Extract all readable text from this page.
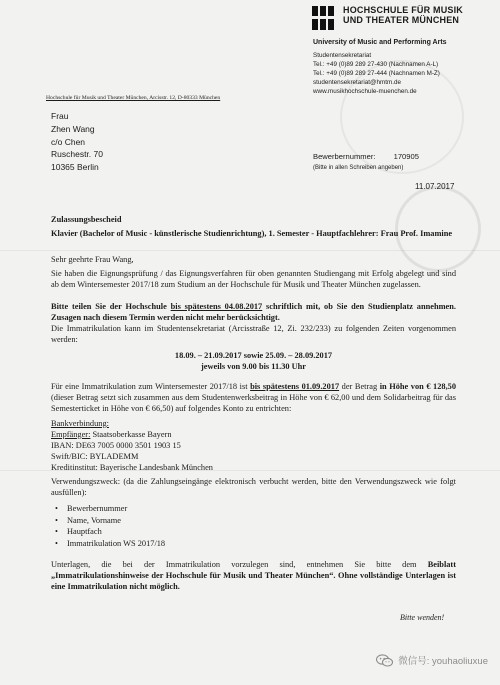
HOCHSCHULE FÜR MUSIK UND THEATER MÜNCHEN

University of Music and Performing Arts

Studentensekretariat
Tel.: +49 (0)89 289 27-430 (Nachnamen A-L)
Tel.: +49 (0)89 289 27-444 (Nachnamen M-Z)
studentensekretariat@hmtm.de
www.musikhochschule-muenchen.de

Hochschule für Musik und Theater München, Arcisstr. 12, D-80333 München

Frau
Zhen Wang
c/o Chen
Ruschestr. 70
10365 Berlin

Bewerbernummer: 170905

(Bitte in allen Schreiben angeben)

11.07.2017

Zulassungsbescheid

Klavier (Bachelor of Music - künstlerische Studienrichtung), 1. Semester - Hauptfachlehrer: Frau Prof. Imamine

Sehr geehrte Frau Wang,

Sie haben die Eignungsprüfung / das Eignungsverfahren für oben genannten Studiengang mit Erfolg abgelegt und sind ab dem Wintersemester 2017/18 zum Studium an der Hochschule für Musik und Theater München zugelassen.

Bitte teilen Sie der Hochschule bis spätestens 04.08.2017 schriftlich mit, ob Sie den Studienplatz annehmen. Zusagen nach diesem Termin werden nicht mehr berücksichtigt.

Die Immatrikulation kann im Studentensekretariat (Arcisstraße 12, Zi. 232/233) zu folgenden Zeiten vorgenommen werden:

18.09. – 21.09.2017 sowie 25.09. – 28.09.2017

jeweils von 9.00 bis 11.30 Uhr

Für eine Immatrikulation zum Wintersemester 2017/18 ist bis spätestens 01.09.2017 der Betrag in Höhe von € 128,50 (dieser Betrag setzt sich zusammen aus dem Studentenwerksbeitrag in Höhe von € 62,00 und dem Solidarbeitrag für das Semesterticket in Höhe von € 66,50) auf folgendes Konto zu entrichten:

Bankverbindung:
Empfänger: Staatsoberkasse Bayern
IBAN: DE63 7005 0000 3501 1903 15
Swift/BIC: BYLADEMM
Kreditinstitut: Bayerische Landesbank München

Verwendungszweck: (da die Zahlungseingänge elektronisch verbucht werden, bitte den Verwendungszweck wie folgt ausfüllen):

• Bewerbernummer
• Name, Vorname
• Hauptfach
• Immatrikulation WS 2017/18

Unterlagen, die bei der Immatrikulation vorzulegen sind, entnehmen Sie bitte dem Beiblatt „Immatrikulationshinweise der Hochschule für Musik und Theater München“. Ohne vollständige Unterlagen ist eine Immatrikulation nicht möglich.

Bitte wenden!

微信号: youhaoliuxue
